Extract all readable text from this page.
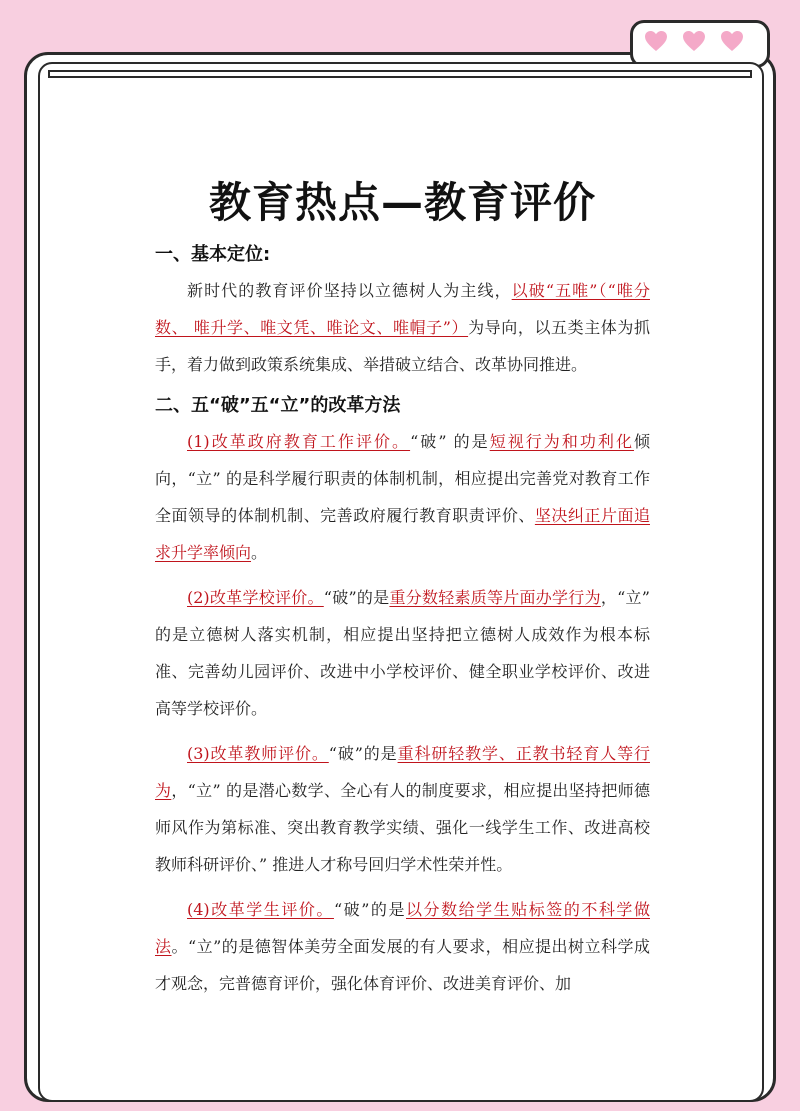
教育热点—教育评价
一、基本定位:

新时代的教育评价坚持以立德树人为主线，以破“五唯”（“唯分数、 唯升学、唯文凭、唯论文、唯帽子”）为导向，以五类主体为抓手，着力做到政策系统集成、举措破立结合、改革协同推进。

二、五“破”五“立”的改革方法

(1)改革政府教育工作评价。“破” 的是短视行为和功利化倾向，“立” 的是科学履行职责的体制机制，相应提出完善党对教育工作全面领导的体制机制、完善政府履行教育职责评价、坚决纠正片面追求升学率倾向。

(2)改革学校评价。“破”的是重分数轻素质等片面办学行为，“立” 的是立德树人落实机制，相应提出坚持把立德树人成效作为根本标准、完善幼儿园评价、改进中小学校评价、健全职业学校评价、改进高等学校评价。

(3)改革教师评价。“破”的是重科研轻教学、正教书轻育人等行为，“立” 的是潜心数学、全心有人的制度要求，相应提出坚持把师德师风作为第标准、突出教育教学实绩、强化一线学生工作、改进高校教师科研评价、” 推进人才称号回归学术性荣并性。

(4)改革学生评价。“破”的是以分数给学生贴标签的不科学做法。“立”的是德智体美劳全面发展的有人要求，相应提出树立科学成才观念，完普德育评价，强化体育评价、改进美育评价、加
